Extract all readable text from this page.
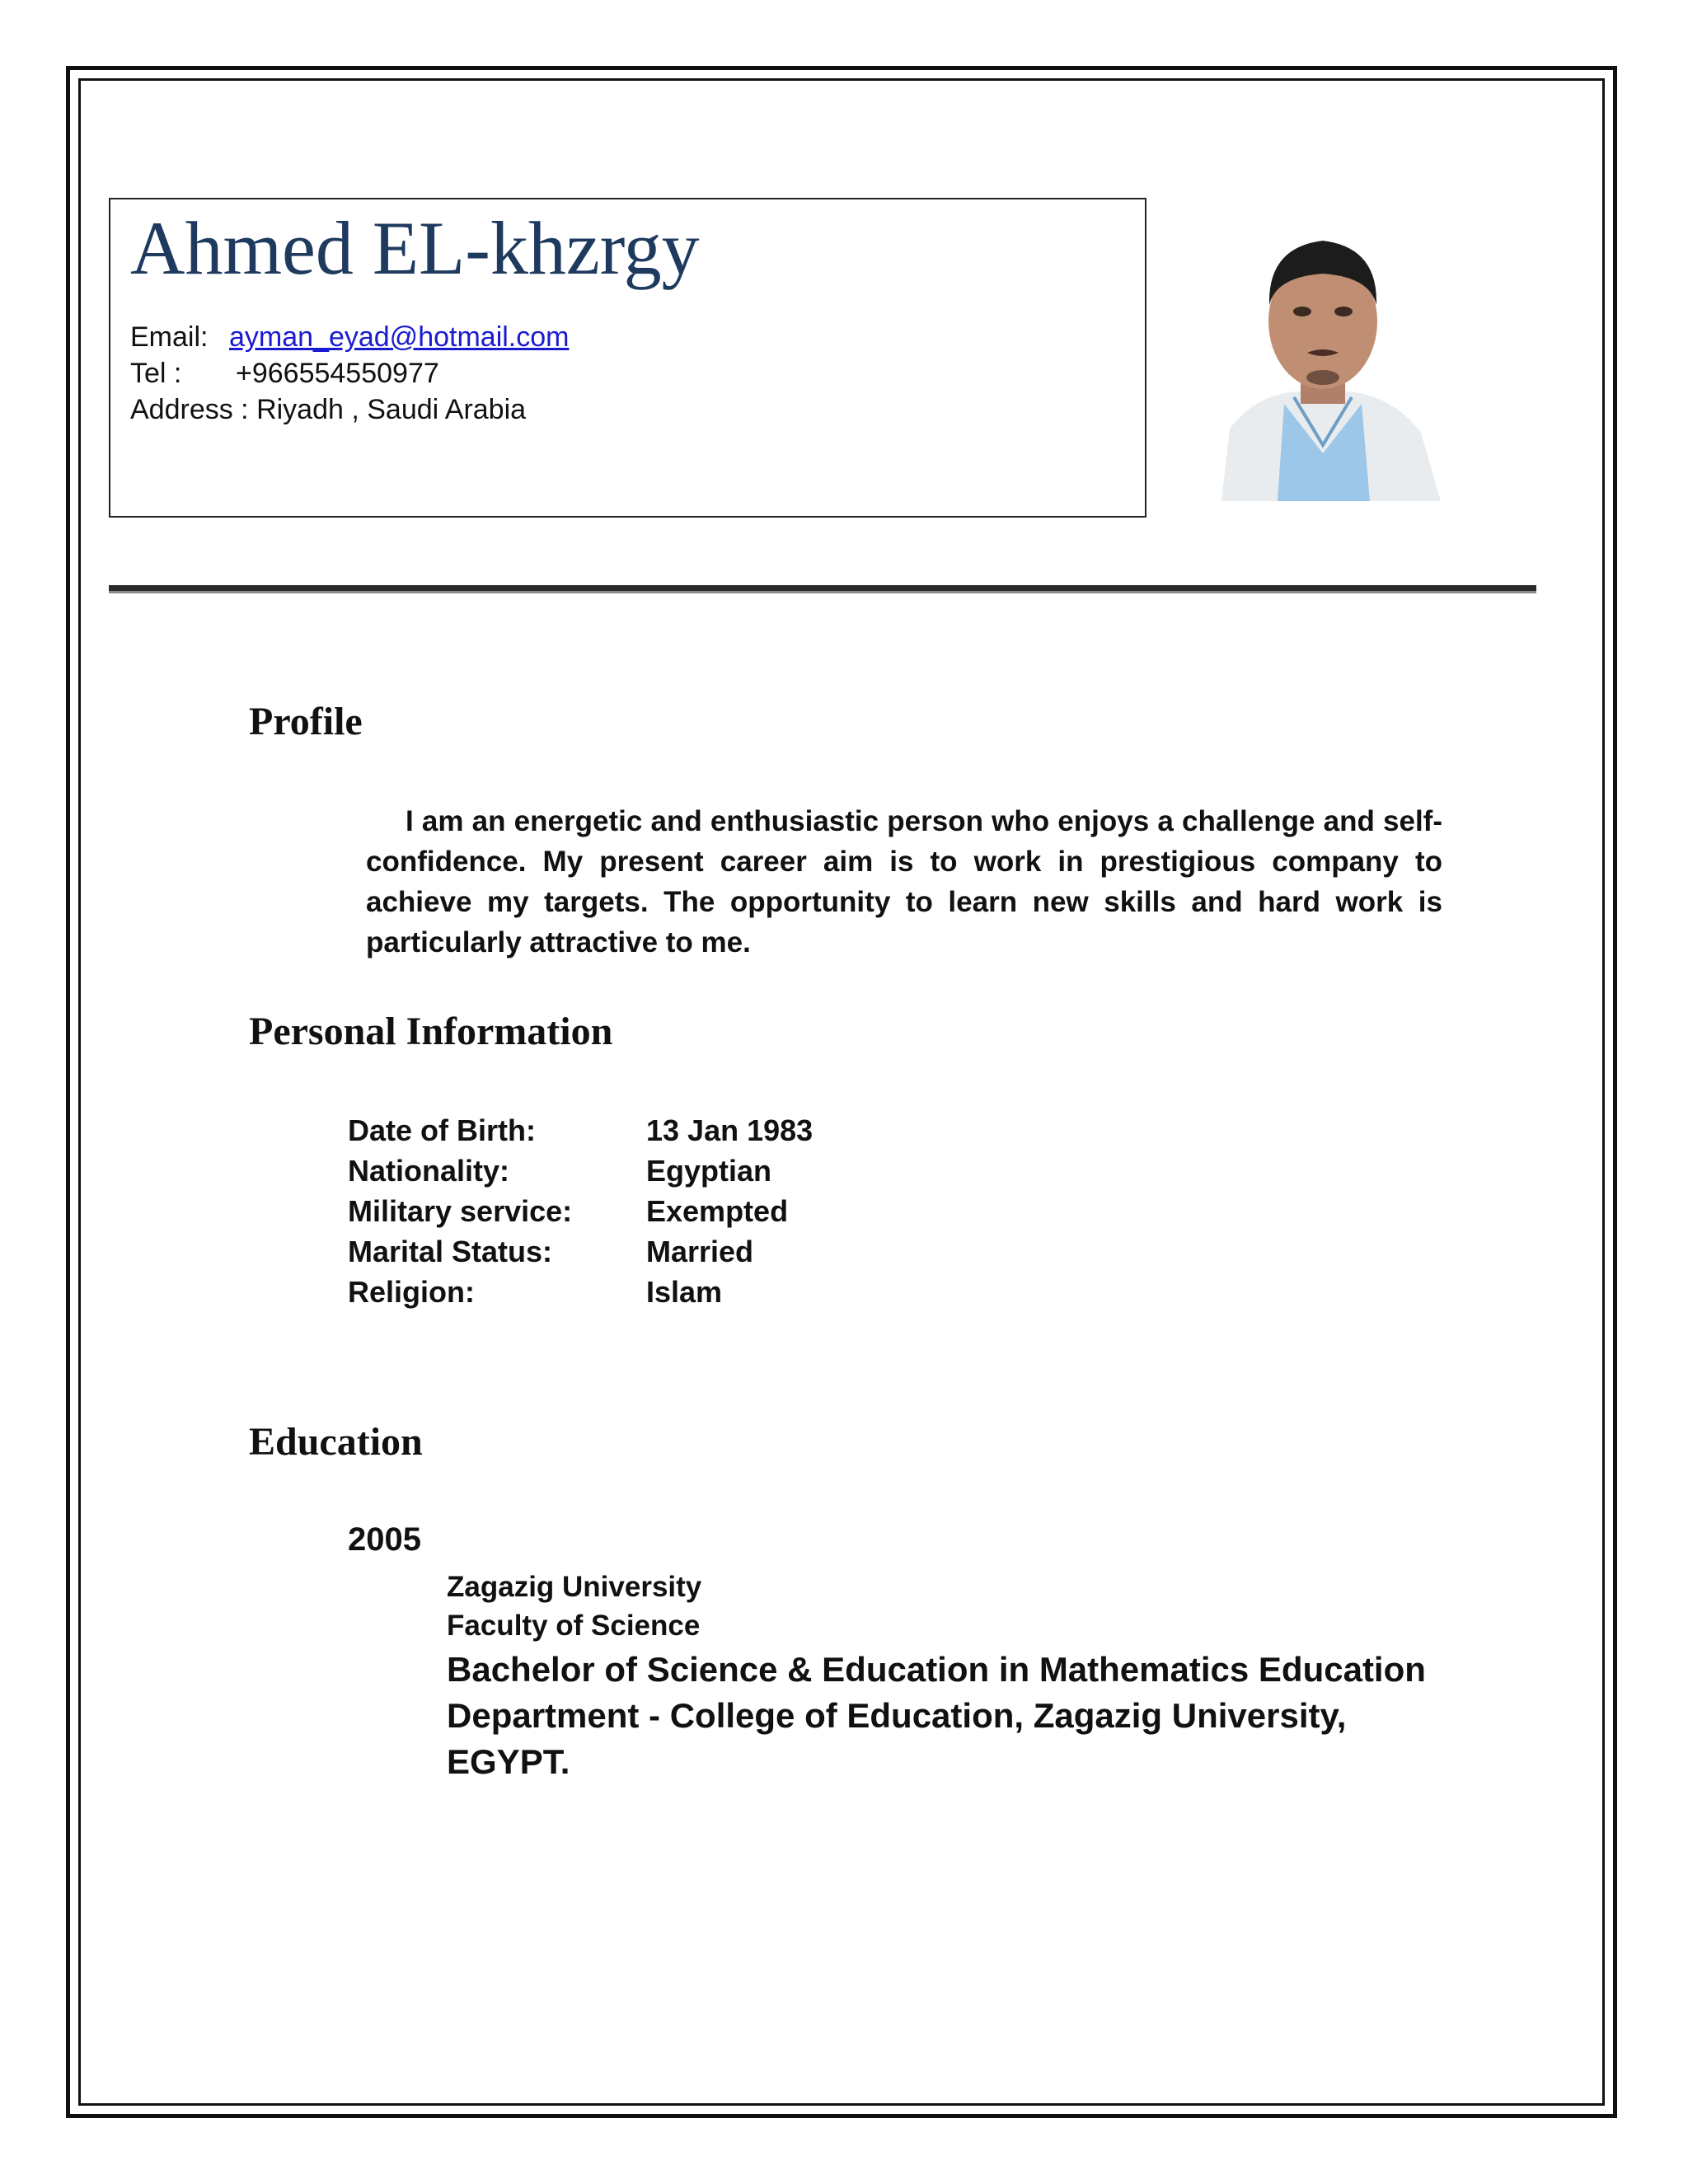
Ahmed EL-khzrgy
Email: ayman_eyad@hotmail.com
Tel : +966554550977
Address : Riyadh , Saudi Arabia
Profile
I am an energetic and enthusiastic person who enjoys a challenge and self-confidence. My present career aim is to work in prestigious company to achieve my targets. The opportunity to learn new skills and hard work is particularly attractive to me.
Personal Information
Date of Birth:	13 Jan 1983
Nationality:	Egyptian
Military service: Exempted
Marital Status:	Married
Religion:	Islam
Education
2005
Zagazig University
Faculty of Science
Bachelor of Science & Education in Mathematics Education Department - College of Education, Zagazig University, EGYPT.
